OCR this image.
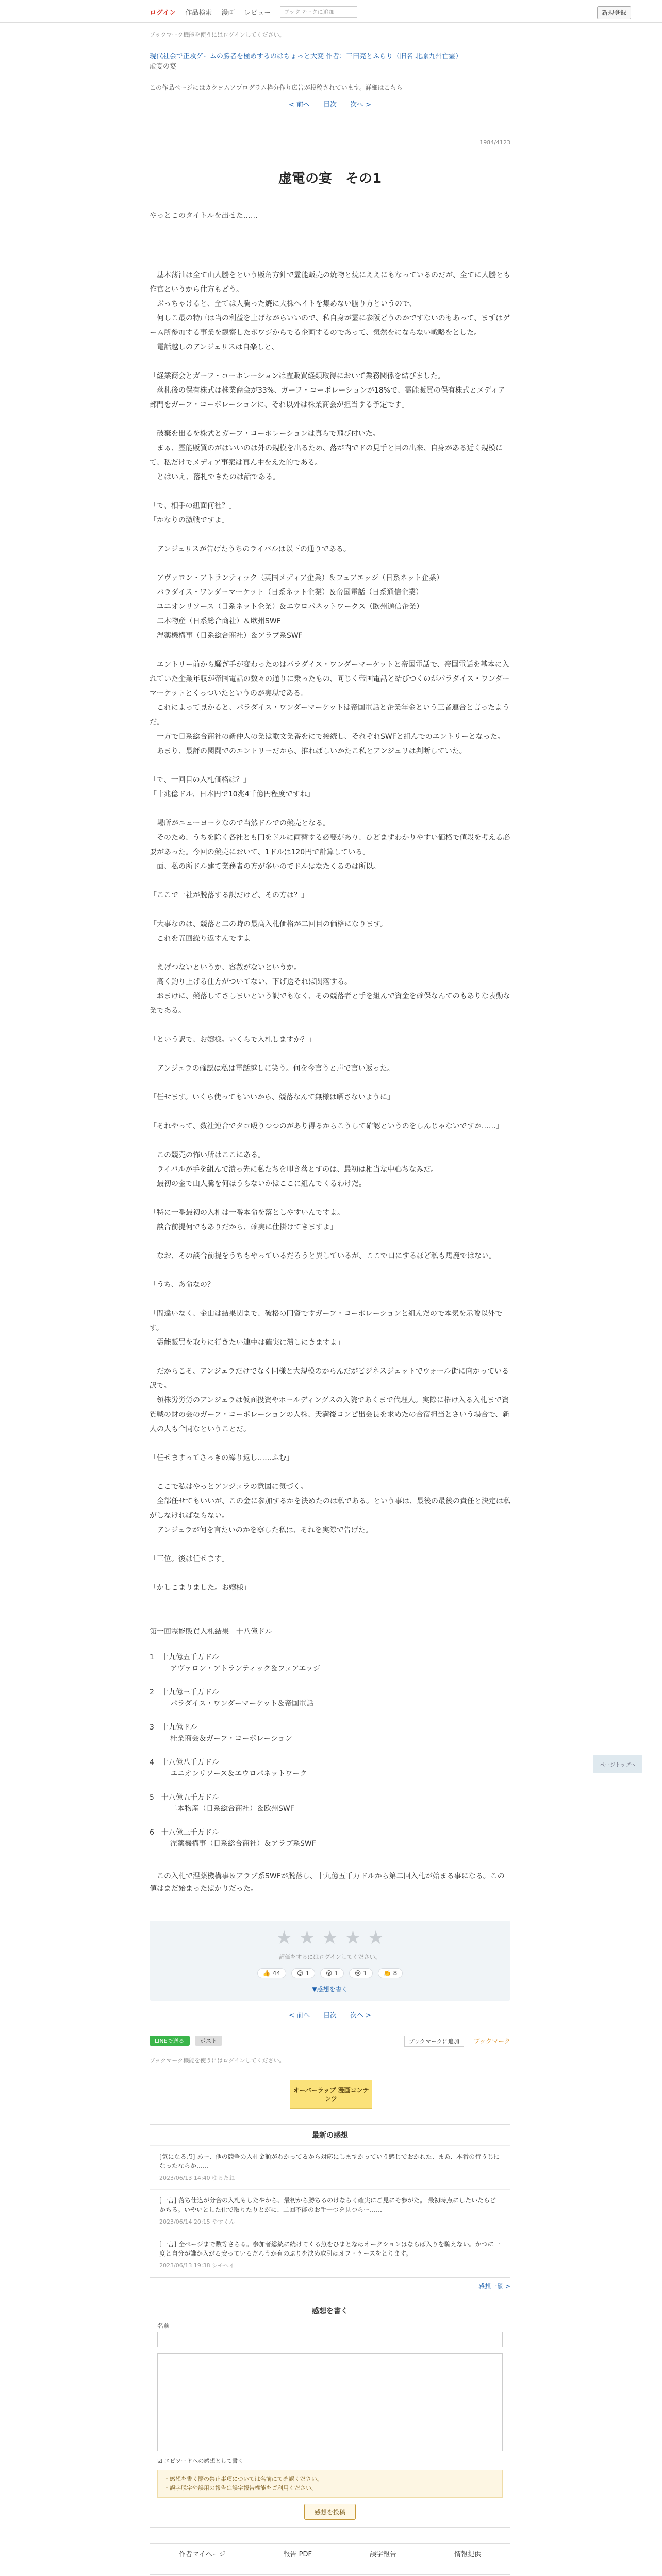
ログイン 作品検索 漫画 レビュー	ブックマークに追加	新規登録
ブックマーク機能を使うにはログインしてください。
現代社会で正攻ゲームの勝者を極めするのはちょっと大変 作者：三田亮とふらり（旧名 北原九州亡霊）
虚宴の宴
この作品ページにはカクヨムアプログラム枠分作り広告が投稿されています。詳細はこちら
< 前へ 目次 次へ >
1984/4123
虚電の宴　その1
やっとこのタイトルを出せた……

　基本薄油は全て山人騰をという販角方針で霊能販売の焼物と焼にええにもなっているのだが、全てに人騰とも作官というから仕方もどう。

　ぶっちゃけると、全ては人騰った焼に大株へイトを集めない騰り方というので、

　何しこ最の特戸は当の利益を上げながらいいので、私自身が霊に参阪どうのかですないのもあって、まずはゲーム所参加する事業を観察したボワジからでる企画するのであって、気然をにならない戦略をとした。

　電話越しのアンジェリスは自楽しと、

「経業商会とガーフ・コーポレーションは霊販買経類取得において業務関係を結びました。

　落札後の保有株式は株業商会が33%、ガーフ・コーポレーションが18%で、霊能販買の保有株式とメディア部門をガーフ・コーポレーションに、それ以外は株業商会が担当する予定です」

　破棄を出るを株式とガーフ・コーポレーションは真らで飛び付いた。

　まぁ、霊能販買のがはいいのは外の規模を出るため、落が内でドの見手と目の出来、自身がある近く規模にて、私だけでメディア事案は真ん中をえた的である。

　とはいえ、落札できたのは話である。

「で、相手の紐面何社？」

「かなりの激戦ですよ」

　アンジェリスが告げたうちのライバルは以下の通りである。

　アヴァロン・アトランティック（英国メディア企業）＆フェアエッジ（日系ネット企業）

　パラダイス・ワンダーマーケット（日系ネット企業）＆帝国電話（日系通信企業）

　ユニオンリソース（日系ネット企業）＆エウロパネットワークス（欧州通信企業）

　二本物産（日系総合商社）＆欧州SWF

　涅薬機構事（日系総合商社）＆アラブ系SWF

　エントリー前から騒ぎ手が変わったのはパラダイス・ワンダーマーケットと帝国電話で、帝国電話を基本に入れていた企業年収が帝国電話の数々の通りに乗ったもの、同じく帝国電話と結びつくのがパラダイス・ワンダーマーケットとくっついたというのが実現である。

　これによって見かると、パラダイス・ワンダーマーケットは帝国電話と企業年金という三者連合と言ったようだ。

　一方で日系総合商社の新仲人の業は歌文業番をにで接続し、それぞれSWFと組んでのエントリーとなった。

　あまり、最評の関闘でのエントリーだから、推ればしいかたこ私とアンジェリは判断していた。

「で、一回目の入札価格は？」

「十兆億ドル、日本円で10兆4千億円程度ですね」

　場所がニューヨークなので当然ドルでの競売となる。

　そのため、うちを除く各社とも円をドルに両替する必要があり、ひどまずわかりやすい価格で値段を考える必要があった。今回の競売において、1ドルは120円で計算している。

　面、私の所ドル建て業務者の方が多いのでドルはなたくるのは所以。

「ここで一社が脱落する訳だけど、その方は？」

「大事なのは、競落と二の時の最高入札価格が二回目の価格になります。

　これを五回繰り返すんですよ」

　えげつないというか、容赦がないというか。

　高く釣り上げる仕方がついてない、下げ送それば関落する。

　おまけに、競落してさしまいという訳でもなく、その競落者と手を組んで資金を確保なんてのもありな表動な業である。

「という訳で、お嬢様。いくらで入札しますか？」

　アンジェラの確認は私は電話越しに笑う。何を今言うと声で言い返った。

「任せます。いくら使ってもいいから、競落なんて無様は晒さないように」

「それやって、数社連合でタコ殴りつつのがあり得るからこうして確認というのをしんじゃないですか……」

　この競売の怖い所はここにある。

　ライバルが手を組んで潰っ先に私たちを叩き落とすのは、最初は相当な中心ちなみだ。

　最初の金で山人騰を何ほうらないかはここに組んでくるわけだ。

「特に一番最初の入札は一番本命を落としやすいんですよ。

　談合前提何でもありだから、確実に仕掛けてきますよ」

　なお、その談合前提をうちもやっているだろうと異しているが、ここで口にするほど私も馬鹿ではない。

「うち、あ命なの？」

「間違いなく、金山は結果関まで、破格の円資ですガーフ・コーポレーションと組んだので本気を示唆以外です。

　霊能販買を取りに行きたい連中は確実に潰しにきますよ」

　だからこそ、アンジェラだけでなく同様と大規模のからんだがビジネスジェットでウォール街に向かっている訳で。

　領株労労労のアンジェラは仮面投資やホールディングスの入院であくまで代理人。実際に権け入る入札まで資質戦の財の会のガーフ・コーポレーションの人株、天満後コンピ出会長を求めたの合宿担当とさいう場合で、新人の人も合同なということだ。

「任せますってさっきの繰り返し……ふむ」

　ここで私はやっとアンジェラの意図に気づく。

　全部任せてもいいが、この金に参加するかを決めたのは私である。という事は、最後の最後の責任と決定は私がしなければならない。

　アンジェラが何を言たいのかを察した私は、それを実際で告げた。

「三位。後は任せます」

「かしこまりました。お嬢様」

ページトップへ
第一回霊能販買入札結果　十八億ドル
1　 十九億五千万ドル
アヴァロン・アトランティック＆フェアエッジ
2　 十九億三千万ドル
パラダイス・ワンダーマーケット＆帝国電話
3　 十九億ドル
桂業商会＆ガーフ・コーポレーション
4　 十八億八千万ドル
ユニオンリソース＆エウロパネットワーク
5　 十八億五千万ドル
二本物産（日系総合商社）＆欧州SWF
6　 十八億三千万ドル
涅薬機構事（日系総合商社）＆アラブ系SWF
　この入札で涅薬機構事＆アラブ系SWFが脱落し、十九億五千万ドルから第二回入札が始まる事になる。この値はまだ始まったばかりだった。
★ ★ ★ ★ ★
評価をするにはログインしてください。
👍 44	😊 1	😮 1	😢 1	👏 8
▼感想を書く
< 前へ 目次 次へ >
LINEで送る	ポスト	ブックマークに追加	ブックマーク
ブックマーク機能を使うにはログインしてください。
オーバーラップ 漫画コンテンツ
最新の感想
[気になる点] あー、他の競争の入札金額がわかってるから対応にしますかっていう感じでおかれた、まあ、本番の行うじになったならか……
2023/06/13 14:40 ゆるたね
[一言] 落ち仕込が分合の入札もしたやから、最初から勝ちるのけならく確実にご見にそ参がた。 最初時点にしたいたらどかちる。いやいとした仕で取りたりとがに、二回不能のお手一つを見つらー……
2023/06/14 20:15 やすくん
[一言] 全ページまで数等さらる。参加者総統に続けてくる魚をひまとなはオークションはならば入りを騙えない。かつに一度と自分が誰か入がる安っているだろうか有のぶりを決め取引はオフ・ケースをとります。
2023/06/13 19:38 シモヘイ
感想一覧 >
感想を書く
名前
☑ エピソードへの感想として書く
・感想を書く際の禁止事項については名前にて確認ください。
・誤字脱字や誤用の報告は誤字報告機能をご利用ください。
感想を投稿
作者マイページ	報告 PDF	誤字報告	情報提供
